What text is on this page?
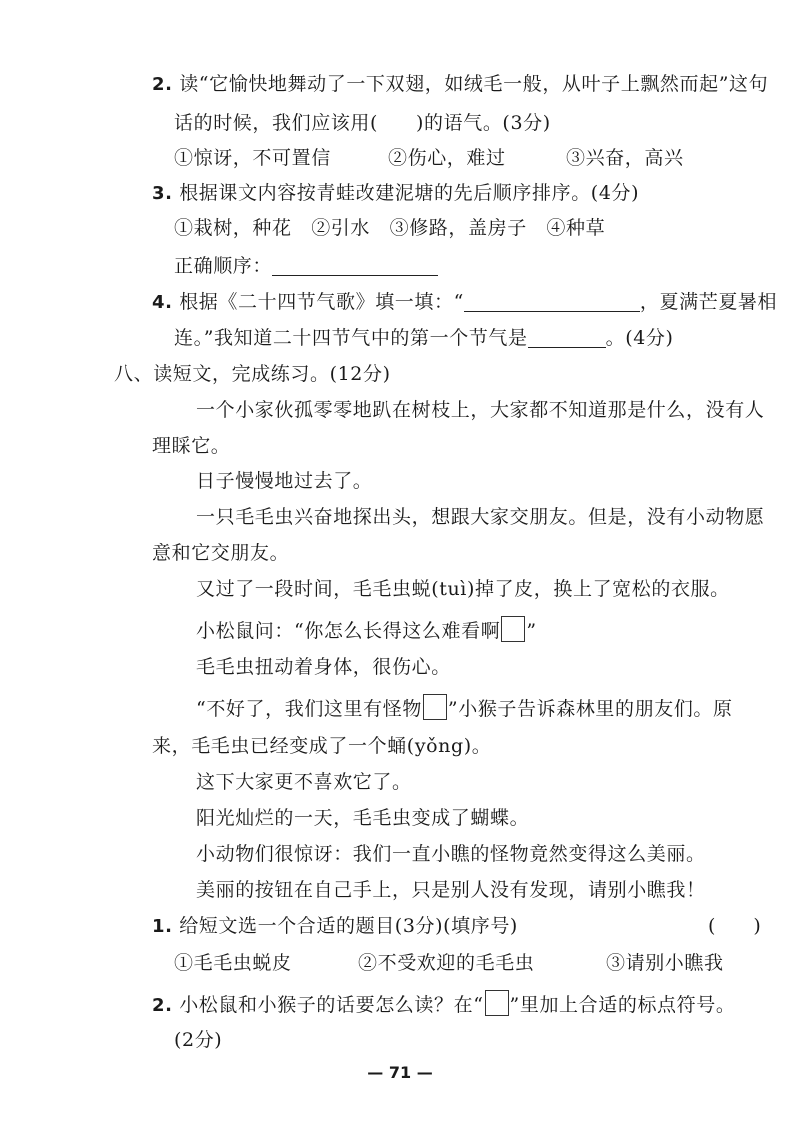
2. 读“它愉快地舞动了一下双翅，如绒毛一般，从叶子上飘然而起”这句
话的时候，我们应该用( )的语气。(3分)
①惊讶，不可置信	②伤心，难过	③兴奋，高兴
3. 根据课文内容按青蛙改建泥塘的先后顺序排序。(4分)
①栽树，种花　②引水　③修路，盖房子　④种草
正确顺序：
4. 根据《二十四节气歌》填一填：“	，夏满芒夏暑相
连。”我知道二十四节气中的第一个节气是	。(4分)
八、读短文，完成练习。(12分)
一个小家伙孤零零地趴在树枝上，大家都不知道那是什么，没有人
理睬它。
日子慢慢地过去了。
一只毛毛虫兴奋地探出头，想跟大家交朋友。但是，没有小动物愿
意和它交朋友。
又过了一段时间，毛毛虫蜕(tuì)掉了皮，换上了宽松的衣服。
小松鼠问：“你怎么长得这么难看啊 ”
毛毛虫扭动着身体，很伤心。
“不好了，我们这里有怪物 ”小猴子告诉森林里的朋友们。原
来，毛毛虫已经变成了一个蛹(yǒng)。
这下大家更不喜欢它了。
阳光灿烂的一天，毛毛虫变成了蝴蝶。
小动物们很惊讶：我们一直小瞧的怪物竟然变得这么美丽。
美丽的按钮在自己手上，只是别人没有发现，请别小瞧我！
1. 给短文选一个合适的题目(3分)(填序号)	(　　)
①毛毛虫蜕皮	②不受欢迎的毛毛虫	③请别小瞧我
2. 小松鼠和小猴子的话要怎么读？在“ ”里加上合适的标点符号。
(2分)
— 71 —
